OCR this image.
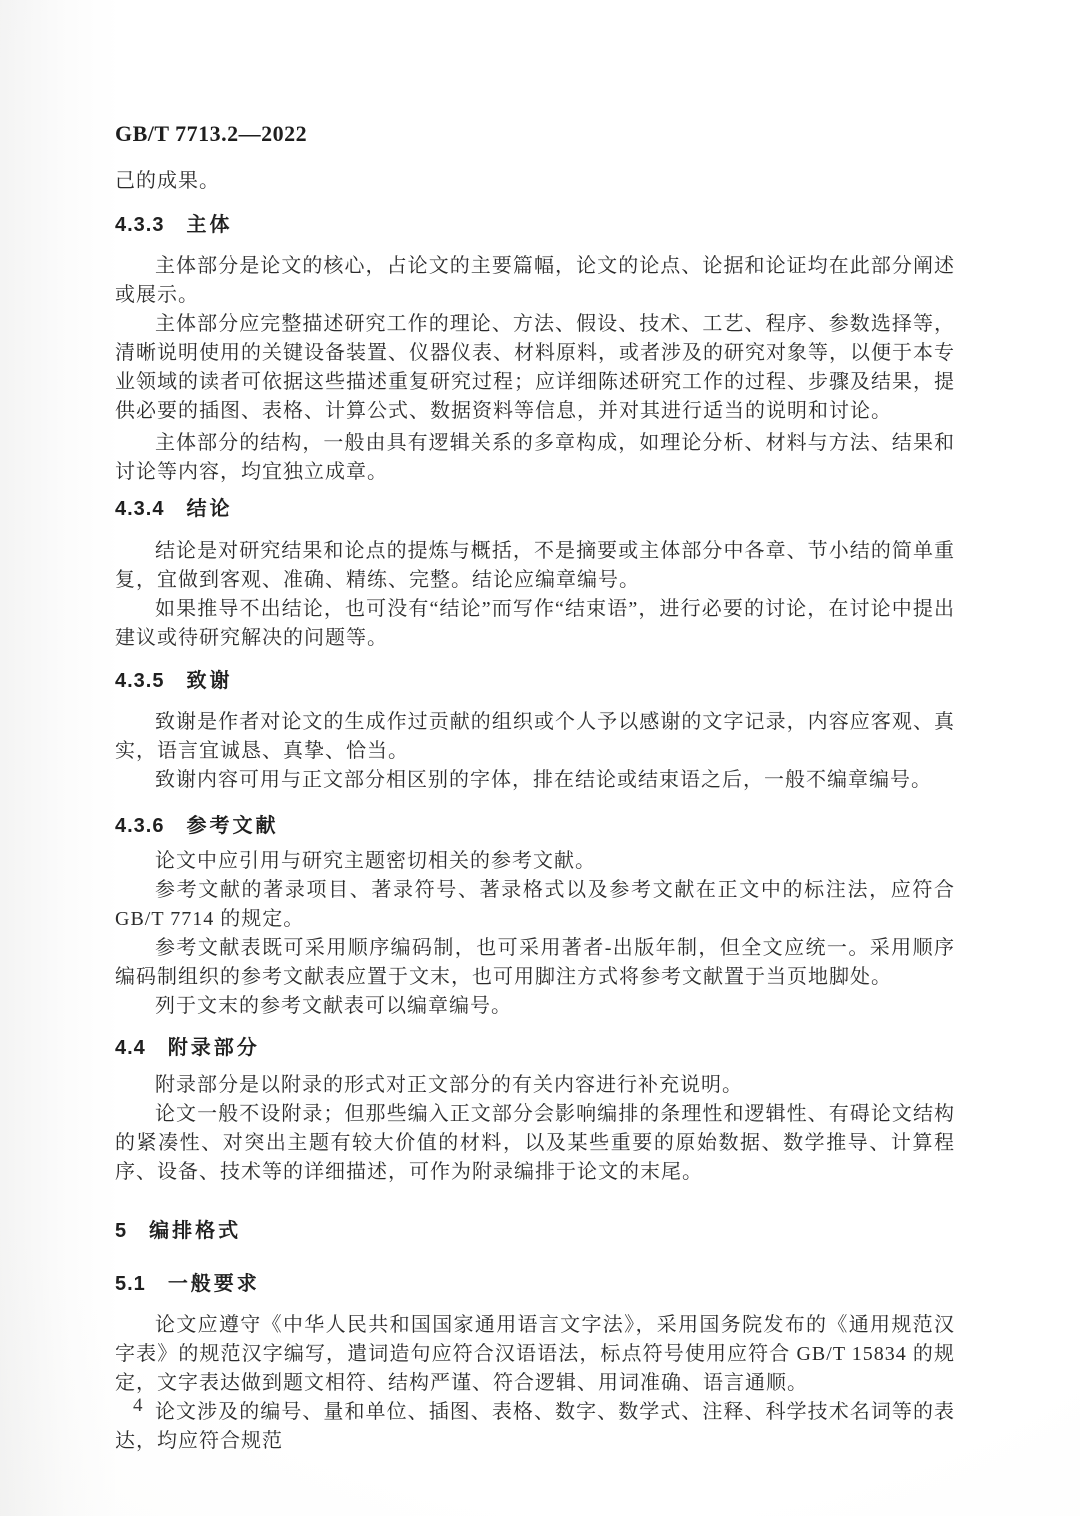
GB/T 7713.2—2022

己的成果。

4.3.3 主体

主体部分是论文的核心，占论文的主要篇幅，论文的论点、论据和论证均在此部分阐述或展示。

主体部分应完整描述研究工作的理论、方法、假设、技术、工艺、程序、参数选择等，清晰说明使用的关键设备装置、仪器仪表、材料原料，或者涉及的研究对象等，以便于本专业领域的读者可依据这些描述重复研究过程；应详细陈述研究工作的过程、步骤及结果，提供必要的插图、表格、计算公式、数据资料等信息，并对其进行适当的说明和讨论。

主体部分的结构，一般由具有逻辑关系的多章构成，如理论分析、材料与方法、结果和讨论等内容，均宜独立成章。

4.3.4 结论

结论是对研究结果和论点的提炼与概括，不是摘要或主体部分中各章、节小结的简单重复，宜做到客观、准确、精练、完整。结论应编章编号。

如果推导不出结论，也可没有“结论”而写作“结束语”，进行必要的讨论，在讨论中提出建议或待研究解决的问题等。

4.3.5 致谢

致谢是作者对论文的生成作过贡献的组织或个人予以感谢的文字记录，内容应客观、真实，语言宜诚恳、真挚、恰当。

致谢内容可用与正文部分相区别的字体，排在结论或结束语之后，一般不编章编号。

4.3.6 参考文献

论文中应引用与研究主题密切相关的参考文献。

参考文献的著录项目、著录符号、著录格式以及参考文献在正文中的标注法，应符合 GB/T 7714 的规定。

参考文献表既可采用顺序编码制，也可采用著者-出版年制，但全文应统一。采用顺序编码制组织的参考文献表应置于文末，也可用脚注方式将参考文献置于当页地脚处。

列于文末的参考文献表可以编章编号。

4.4 附录部分

附录部分是以附录的形式对正文部分的有关内容进行补充说明。

论文一般不设附录；但那些编入正文部分会影响编排的条理性和逻辑性、有碍论文结构的紧凑性、对突出主题有较大价值的材料，以及某些重要的原始数据、数学推导、计算程序、设备、技术等的详细描述，可作为附录编排于论文的末尾。

5 编排格式
5.1 一般要求

论文应遵守《中华人民共和国国家通用语言文字法》，采用国务院发布的《通用规范汉字表》的规范汉字编写，遣词造句应符合汉语语法，标点符号使用应符合 GB/T 15834 的规定，文字表达做到题文相符、结构严谨、符合逻辑、用词准确、语言通顺。

论文涉及的编号、量和单位、插图、表格、数字、数学式、注释、科学技术名词等的表达，均应符合规范

4
